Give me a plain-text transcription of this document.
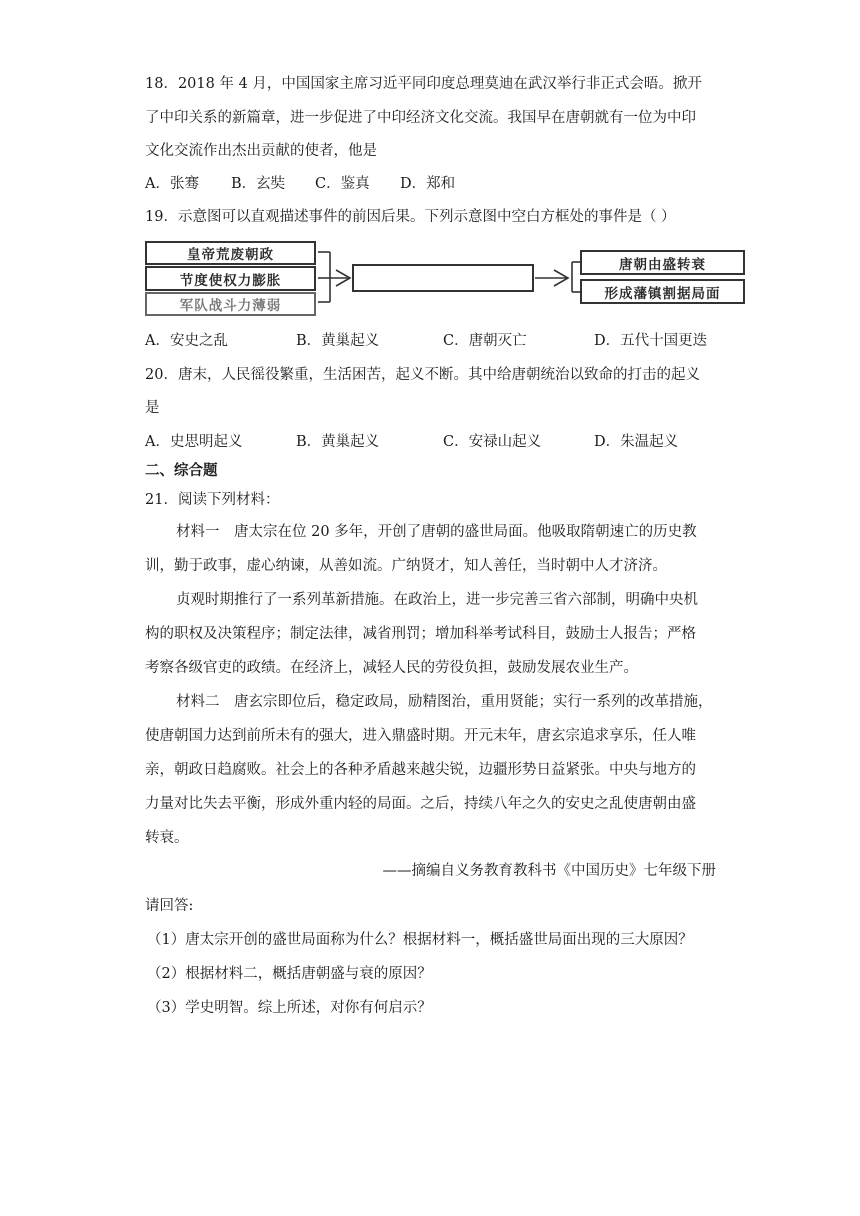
18．2018 年 4 月，中国国家主席习近平同印度总理莫迪在武汉举行非正式会晤。掀开
了中印关系的新篇章，进一步促进了中印经济文化交流。我国早在唐朝就有一位为中印
文化交流作出杰出贡献的使者，他是
A．张骞 B．玄奘 C．鉴真 D．郑和
19．示意图可以直观描述事件的前因后果。下列示意图中空白方框处的事件是（ ）
皇帝荒废朝政
节度使权力膨胀
军队战斗力薄弱
唐朝由盛转衰
形成藩镇割据局面
A．安史之乱	B．黄巢起义	C．唐朝灭亡	D．五代十国更迭
20．唐末，人民徭役繁重，生活困苦，起义不断。其中给唐朝统治以致命的打击的起义
是
A．史思明起义	B．黄巢起义	C．安禄山起义	D．朱温起义
二、综合题
21．阅读下列材料：
材料一　唐太宗在位 20 多年，开创了唐朝的盛世局面。他吸取隋朝速亡的历史教
训，勤于政事，虚心纳谏，从善如流。广纳贤才，知人善任，当时朝中人才济济。
贞观时期推行了一系列革新措施。在政治上，进一步完善三省六部制，明确中央机
构的职权及决策程序；制定法律，减省刑罚；增加科举考试科目，鼓励士人报告；严格
考察各级官吏的政绩。在经济上，减轻人民的劳役负担，鼓励发展农业生产。
材料二　唐玄宗即位后，稳定政局，励精图治，重用贤能；实行一系列的改革措施，
使唐朝国力达到前所未有的强大，进入鼎盛时期。开元末年，唐玄宗追求享乐，任人唯
亲，朝政日趋腐败。社会上的各种矛盾越来越尖锐，边疆形势日益紧张。中央与地方的
力量对比失去平衡，形成外重内轻的局面。之后，持续八年之久的安史之乱使唐朝由盛
转衰。
——摘编自义务教育教科书《中国历史》七年级下册
请回答:
（1）唐太宗开创的盛世局面称为什么？根据材料一，概括盛世局面出现的三大原因？
（2）根据材料二，概括唐朝盛与衰的原因？
（3）学史明智。综上所述，对你有何启示？
